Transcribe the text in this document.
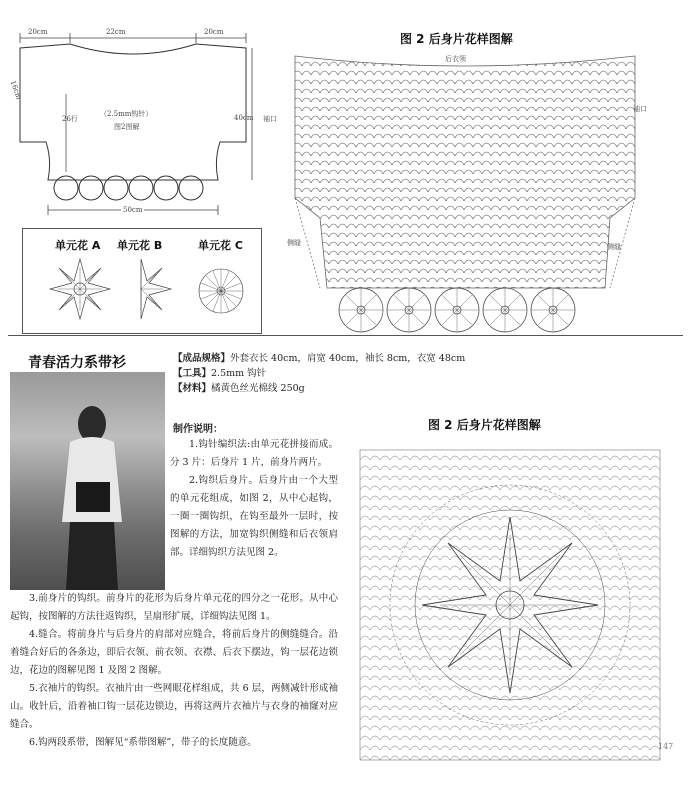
20cm	22cm	20cm
16cm
26行	40cm
50cm
（2.5mm钩针）
图2图解
单元花 A 单元花 B	单元花 C
图 2 后身片花样图解
后衣领
袖口
袖口
侧缝	侧缝
青春活力系带衫	【成品规格】外套衣长 40cm，肩宽 40cm，袖长 8cm，衣宽 48cm
【工具】2.5mm 钩针
【材料】橘黄色丝光棉线 250g
制作说明：

1.钩针编织法:由单元花拼接而成。分 3 片：后身片 1 片，前身片两片。

2.钩织后身片。后身片由一个大型的单元花组成，如图 2，从中心起钩，一圈一圈钩织，在钩至最外一层时，按图解的方法，加宽钩织侧缝和后衣领肩部。详细钩织方法见图 2。

3.前身片的钩织。前身片的花形为后身片单元花的四分之一花形。从中心起钩，按图解的方法往返钩织，呈扇形扩展，详细钩法见图 1。

4.缝合。将前身片与后身片的肩部对应缝合，将前后身片的侧缝缝合。沿着缝合好后的各条边，即后衣领、前衣领、衣襟、后衣下摆边，钩一层花边锁边，花边的图解见图 1 及图 2 图解。

5.衣袖片的钩织。衣袖片由一些网眼花样组成，共 6 层，两侧减针形成袖山。收针后，沿着袖口钩一层花边锁边，再将这两片衣袖片与衣身的袖窿对应缝合。

6.钩两段系带，图解见“系带图解”，带子的长度随意。

图 2 后身片花样图解
147
